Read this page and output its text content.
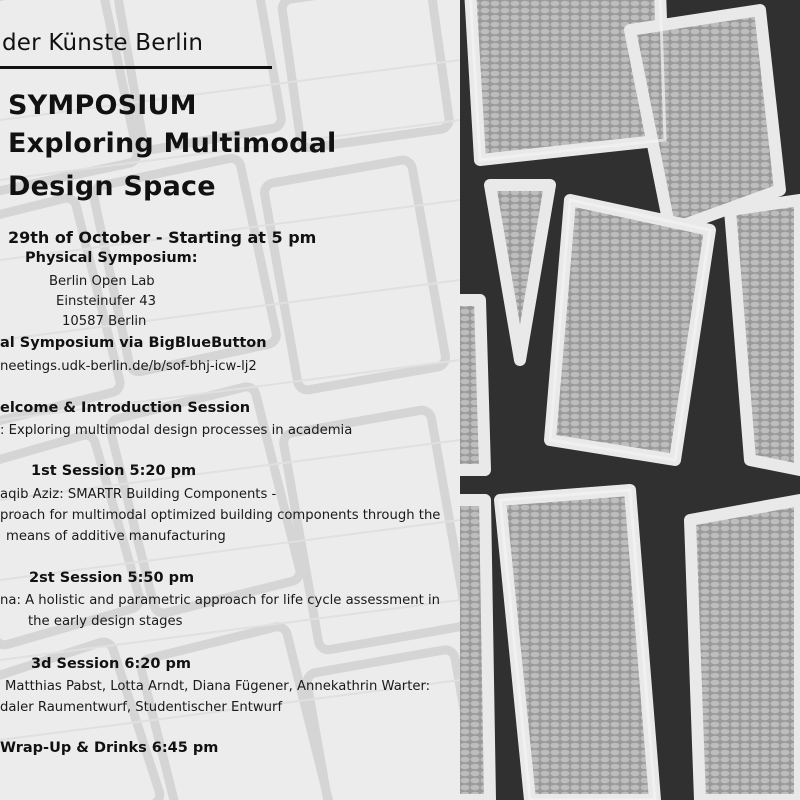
der Künste Berlin
SYMPOSIUM
Exploring Multimodal
Design Space
29th of October - Starting at 5 pm
Physical Symposium:
Berlin Open Lab
Einsteinufer 43
10587 Berlin
al Symposium via BigBlueButton
neetings.udk-berlin.de/b/sof-bhj-icw-lj2
elcome & Introduction Session
: Exploring multimodal design processes in academia
1st Session 5:20 pm
aqib Aziz: SMARTR Building Components -
proach for multimodal optimized building components through the
means of additive manufacturing
2st Session 5:50 pm
na: A holistic and parametric approach for life cycle assessment in
the early design stages
3d Session 6:20 pm
Matthias Pabst, Lotta Arndt, Diana Fügener, Annekathrin Warter:
daler Raumentwurf, Studentischer Entwurf
Wrap-Up & Drinks 6:45 pm
